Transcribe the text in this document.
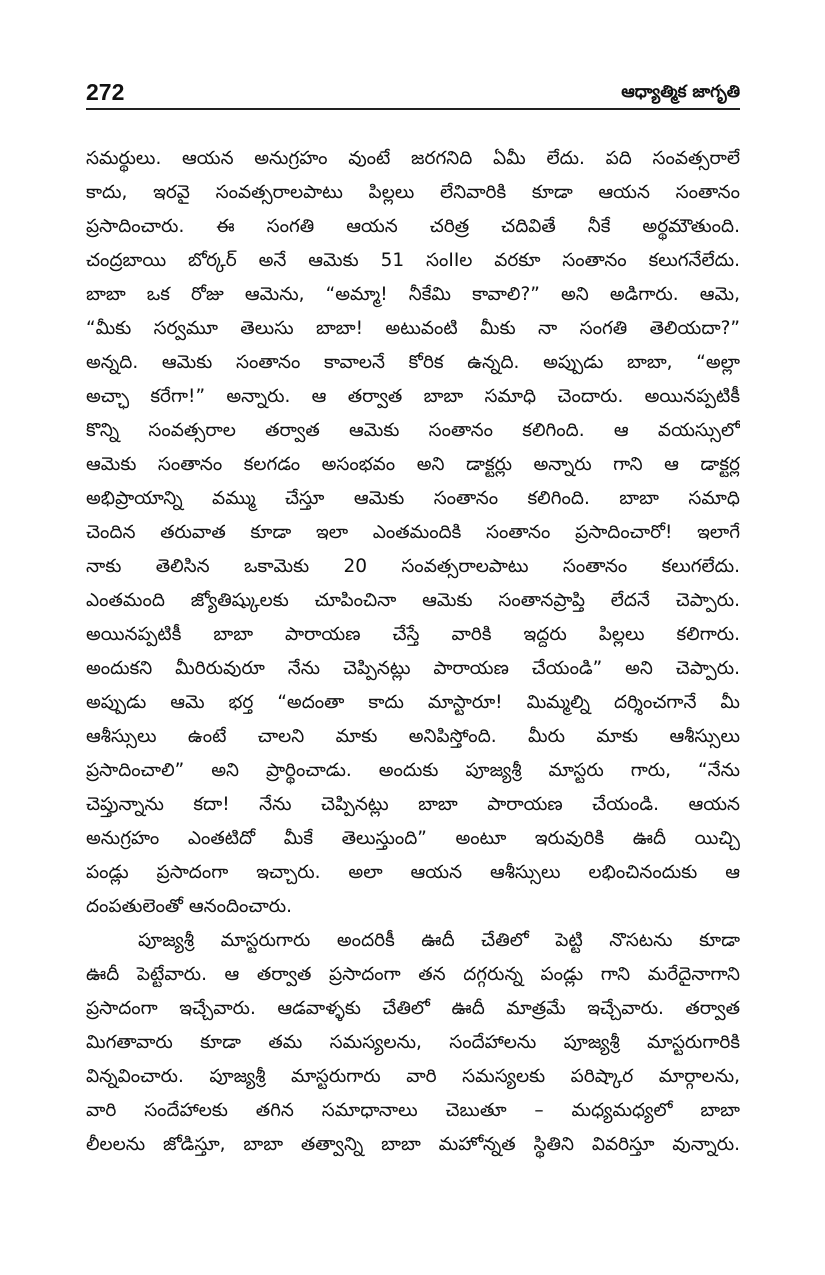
272	ఆధ్యాత్మిక జాగృతి
సమర్థులు. ఆయన అనుగ్రహం వుంటే జరగనిది ఏమీ లేదు. పది సంవత్సరాలే
కాదు, ఇరవై సంవత్సరాలపాటు పిల్లలు లేనివారికి కూడా ఆయన సంతానం
ప్రసాదించారు. ఈ సంగతి ఆయన చరిత్ర చదివితే నీకే అర్థమౌతుంది.
చంద్రబాయి బోర్కర్ అనే ఆమెకు 51 సంIIల వరకూ సంతానం కలుగనేలేదు.
బాబా ఒక రోజు ఆమెను, “అమ్మా! నీకేమి కావాలి?” అని అడిగారు. ఆమె,
“మీకు సర్వమూ తెలుసు బాబా! అటువంటి మీకు నా సంగతి తెలియదా?”
అన్నది. ఆమెకు సంతానం కావాలనే కోరిక ఉన్నది. అప్పుడు బాబా, “అల్లా
అచ్ఛా కరేగా!” అన్నారు. ఆ తర్వాత బాబా సమాధి చెందారు. అయినప్పటికీ
కొన్ని సంవత్సరాల తర్వాత ఆమెకు సంతానం కలిగింది. ఆ వయస్సులో
ఆమెకు సంతానం కలగడం అసంభవం అని డాక్టర్లు అన్నారు గాని ఆ డాక్టర్ల
అభిప్రాయాన్ని వమ్ము చేస్తూ ఆమెకు సంతానం కలిగింది. బాబా సమాధి
చెందిన తరువాత కూడా ఇలా ఎంతమందికి సంతానం ప్రసాదించారో! ఇలాగే
నాకు తెలిసిన ఒకామెకు 20 సంవత్సరాలపాటు సంతానం కలుగలేదు.
ఎంతమంది జ్యోతిష్కులకు చూపించినా ఆమెకు సంతానప్రాప్తి లేదనే చెప్పారు.
అయినప్పటికీ బాబా పారాయణ చేస్తే వారికి ఇద్దరు పిల్లలు కలిగారు.
అందుకని మీరిరువురూ నేను చెప్పినట్లు పారాయణ చేయండి” అని చెప్పారు.
అప్పుడు ఆమె భర్త “అదంతా కాదు మాస్టారూ! మిమ్మల్ని దర్శించగానే మీ
ఆశీస్సులు ఉంటే చాలని మాకు అనిపిస్తోంది. మీరు మాకు ఆశీస్సులు
ప్రసాదించాలి” అని ప్రార్థించాడు. అందుకు పూజ్యశ్రీ మాస్టరు గారు, “నేను
చెప్తున్నాను కదా! నేను చెప్పినట్లు బాబా పారాయణ చేయండి. ఆయన
అనుగ్రహం ఎంతటిదో మీకే తెలుస్తుంది” అంటూ ఇరువురికి ఊదీ యిచ్చి
పండ్లు ప్రసాదంగా ఇచ్చారు. అలా ఆయన ఆశీస్సులు లభించినందుకు ఆ
దంపతులెంతో ఆనందించారు.
పూజ్యశ్రీ మాస్టరుగారు అందరికీ ఊదీ చేతిలో పెట్టి నొసటను కూడా
ఊదీ పెట్టేవారు. ఆ తర్వాత ప్రసాదంగా తన దగ్గరున్న పండ్లు గాని మరేదైనాగాని
ప్రసాదంగా ఇచ్చేవారు. ఆడవాళ్ళకు చేతిలో ఊదీ మాత్రమే ఇచ్చేవారు. తర్వాత
మిగతావారు కూడా తమ సమస్యలను, సందేహాలను పూజ్యశ్రీ మాస్టరుగారికి
విన్నవించారు. పూజ్యశ్రీ మాస్టరుగారు వారి సమస్యలకు పరిష్కార మార్గాలను,
వారి సందేహాలకు తగిన సమాధానాలు చెబుతూ – మధ్యమధ్యలో బాబా
లీలలను జోడిస్తూ, బాబా తత్వాన్ని బాబా మహోన్నత స్థితిని వివరిస్తూ వున్నారు.
